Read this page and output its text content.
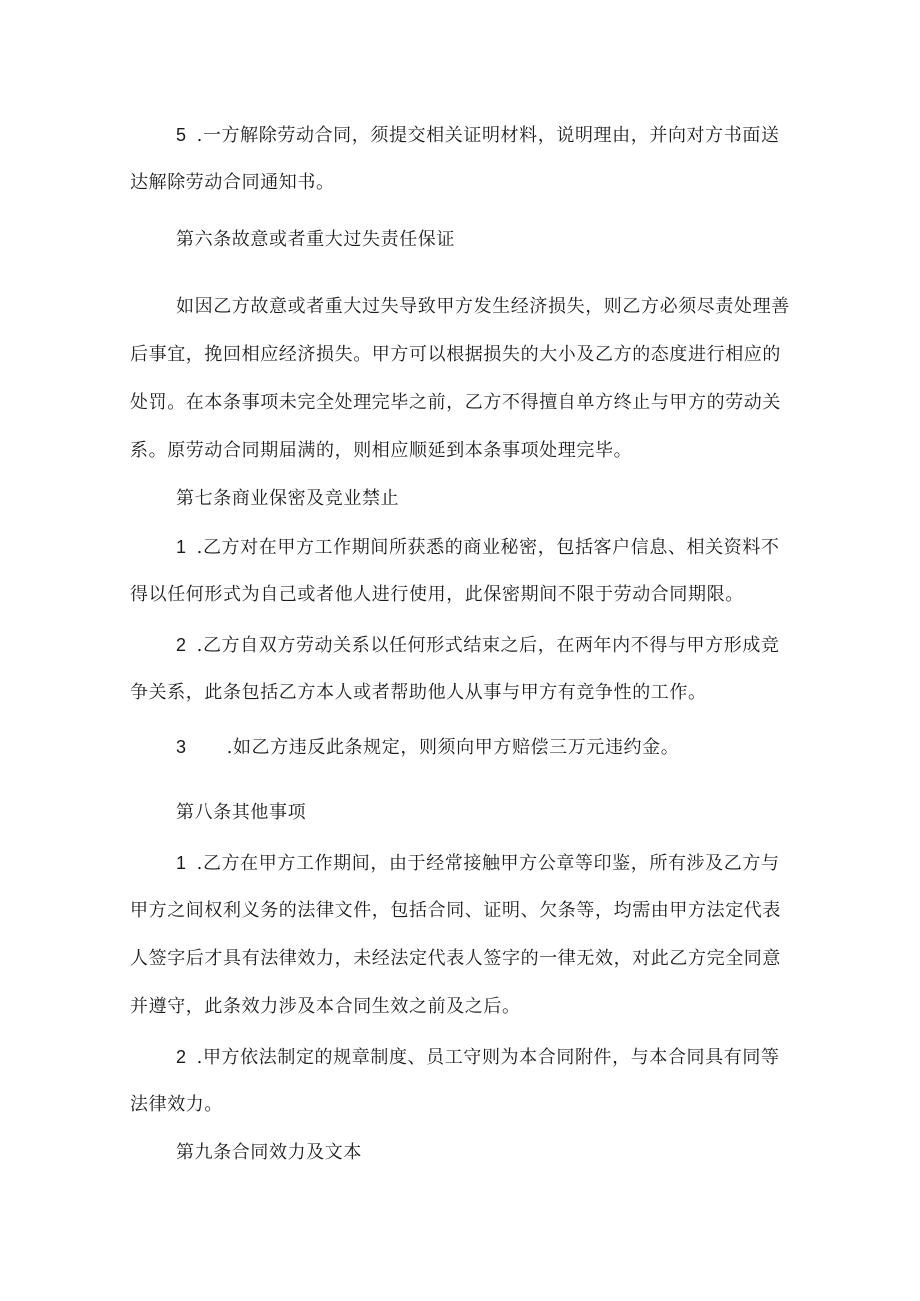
5 .一方解除劳动合同，须提交相关证明材料，说明理由，并向对方书面送
达解除劳动合同通知书。
第六条故意或者重大过失责任保证
如因乙方故意或者重大过失导致甲方发生经济损失，则乙方必须尽责处理善
后事宜，挽回相应经济损失。甲方可以根据损失的大小及乙方的态度进行相应的
处罚。在本条事项未完全处理完毕之前，乙方不得擅自单方终止与甲方的劳动关
系。原劳动合同期届满的，则相应顺延到本条事项处理完毕。
第七条商业保密及竞业禁止
1 .乙方对在甲方工作期间所获悉的商业秘密，包括客户信息、相关资料不
得以任何形式为自己或者他人进行使用，此保密期间不限于劳动合同期限。
2 .乙方自双方劳动关系以任何形式结束之后，在两年内不得与甲方形成竞
争关系，此条包括乙方本人或者帮助他人从事与甲方有竞争性的工作。
3 .如乙方违反此条规定，则须向甲方赔偿三万元违约金。
第八条其他事项
1 .乙方在甲方工作期间，由于经常接触甲方公章等印鉴，所有涉及乙方与
甲方之间权利义务的法律文件，包括合同、证明、欠条等，均需由甲方法定代表
人签字后才具有法律效力，未经法定代表人签字的一律无效，对此乙方完全同意
并遵守，此条效力涉及本合同生效之前及之后。
2 .甲方依法制定的规章制度、员工守则为本合同附件，与本合同具有同等
法律效力。
第九条合同效力及文本
